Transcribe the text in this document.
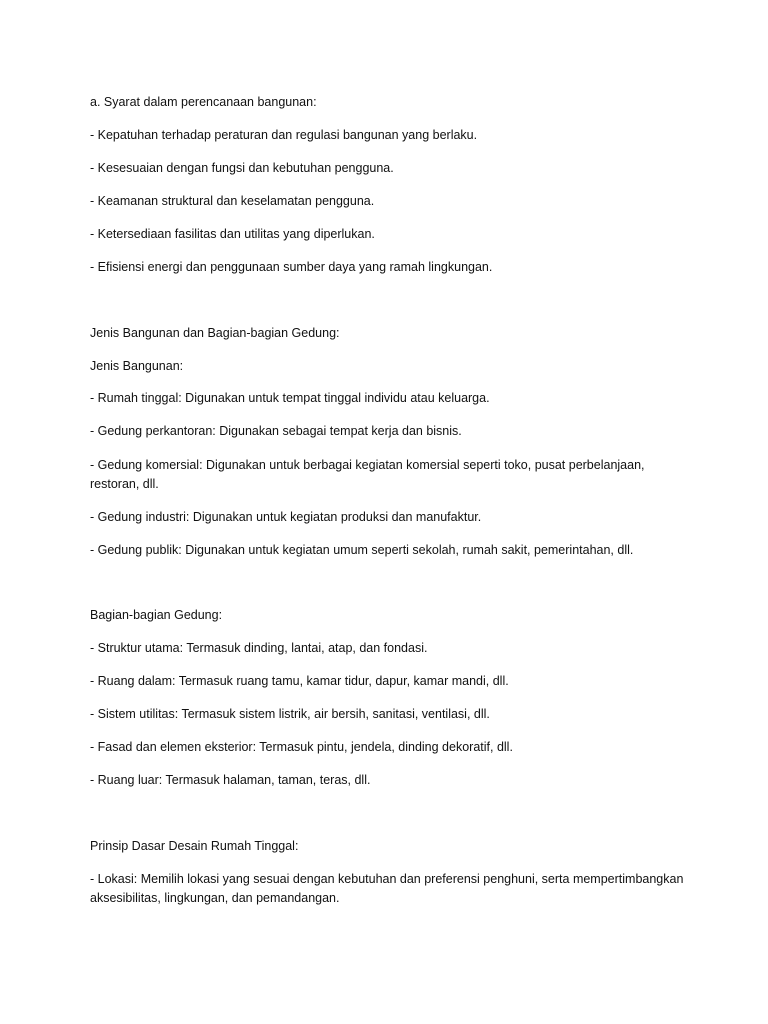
a. Syarat dalam perencanaan bangunan:
- Kepatuhan terhadap peraturan dan regulasi bangunan yang berlaku.
- Kesesuaian dengan fungsi dan kebutuhan pengguna.
- Keamanan struktural dan keselamatan pengguna.
- Ketersediaan fasilitas dan utilitas yang diperlukan.
- Efisiensi energi dan penggunaan sumber daya yang ramah lingkungan.
Jenis Bangunan dan Bagian-bagian Gedung:
Jenis Bangunan:
- Rumah tinggal: Digunakan untuk tempat tinggal individu atau keluarga.
- Gedung perkantoran: Digunakan sebagai tempat kerja dan bisnis.
- Gedung komersial: Digunakan untuk berbagai kegiatan komersial seperti toko, pusat perbelanjaan, restoran, dll.
- Gedung industri: Digunakan untuk kegiatan produksi dan manufaktur.
- Gedung publik: Digunakan untuk kegiatan umum seperti sekolah, rumah sakit, pemerintahan, dll.
Bagian-bagian Gedung:
- Struktur utama: Termasuk dinding, lantai, atap, dan fondasi.
- Ruang dalam: Termasuk ruang tamu, kamar tidur, dapur, kamar mandi, dll.
- Sistem utilitas: Termasuk sistem listrik, air bersih, sanitasi, ventilasi, dll.
- Fasad dan elemen eksterior: Termasuk pintu, jendela, dinding dekoratif, dll.
- Ruang luar: Termasuk halaman, taman, teras, dll.
Prinsip Dasar Desain Rumah Tinggal:
- Lokasi: Memilih lokasi yang sesuai dengan kebutuhan dan preferensi penghuni, serta mempertimbangkan aksesibilitas, lingkungan, dan pemandangan.
